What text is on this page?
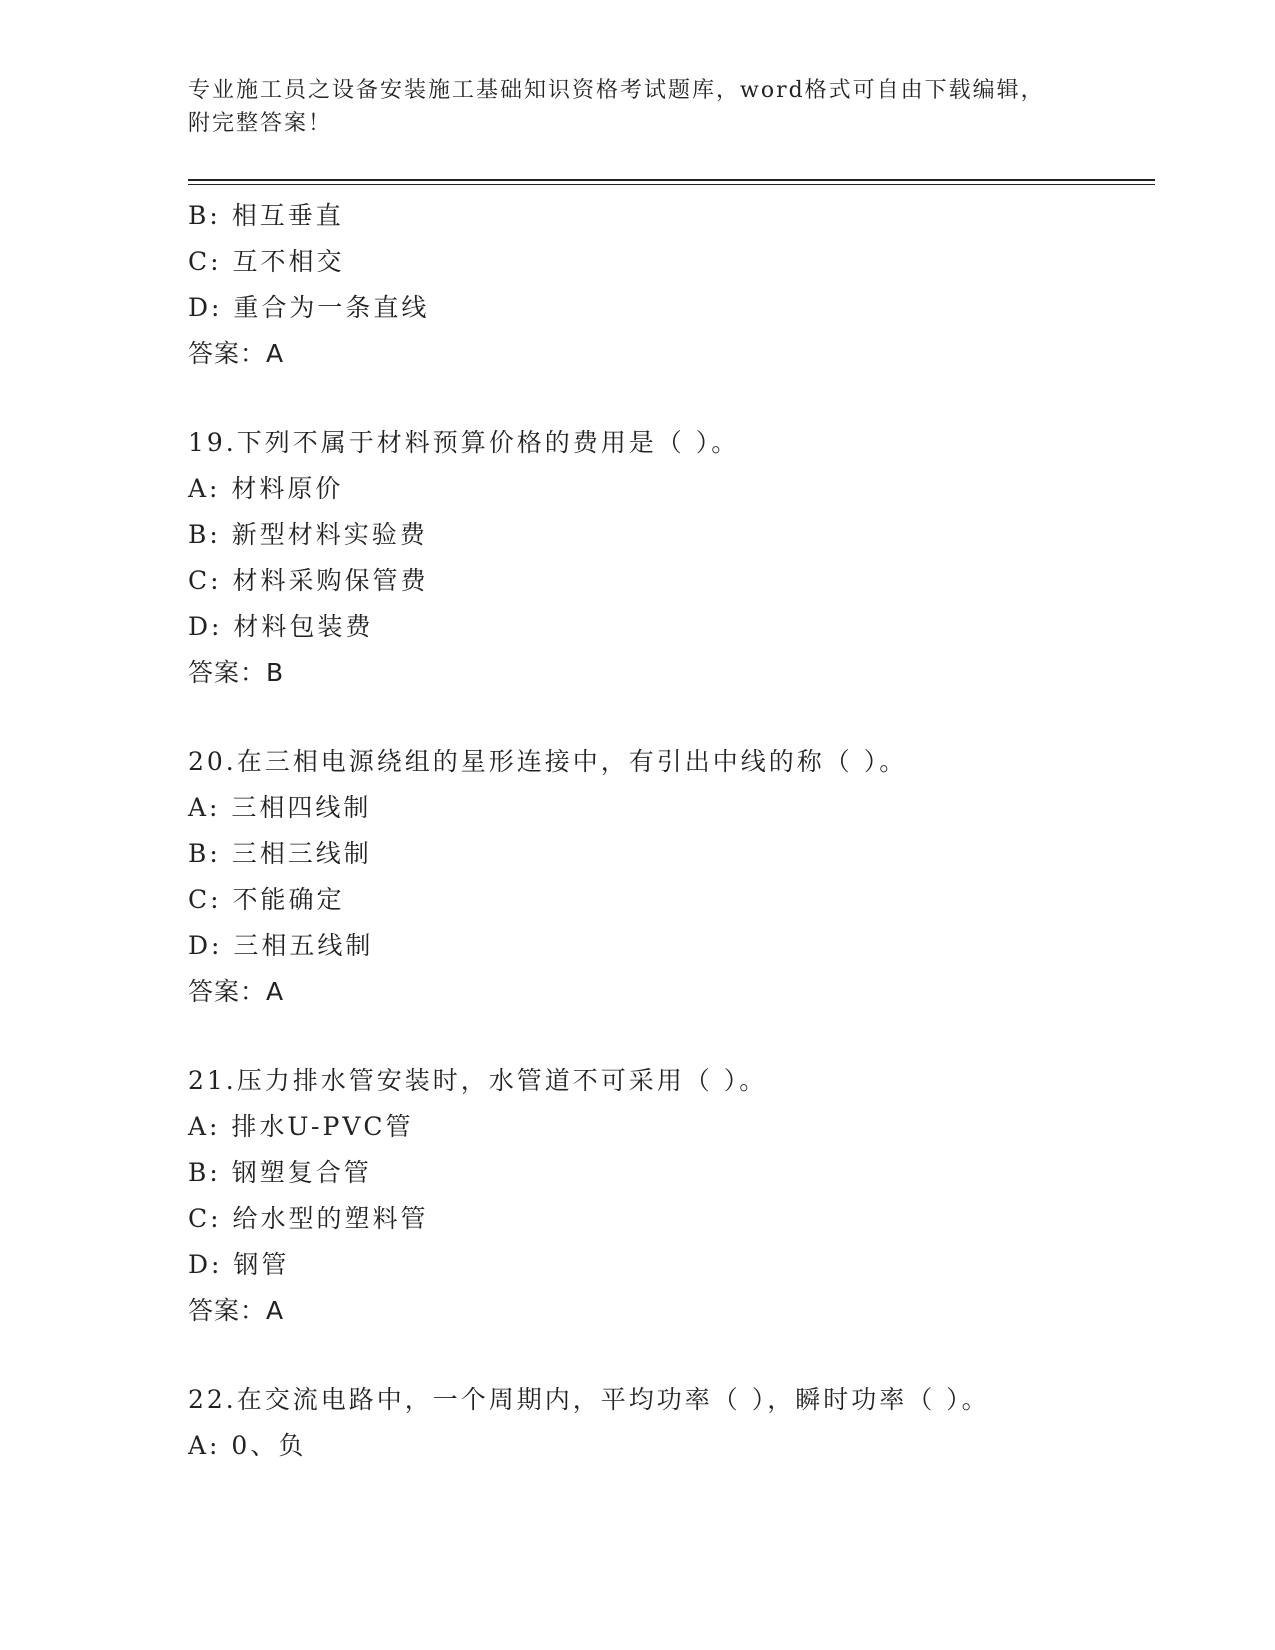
专业施工员之设备安装施工基础知识资格考试题库，word格式可自由下载编辑，
附完整答案！
B: 相互垂直
C: 互不相交
D: 重合为一条直线
答案：A
19.下列不属于材料预算价格的费用是（ ）。
A: 材料原价
B: 新型材料实验费
C: 材料采购保管费
D: 材料包装费
答案：B
20.在三相电源绕组的星形连接中，有引出中线的称（ ）。
A: 三相四线制
B: 三相三线制
C: 不能确定
D: 三相五线制
答案：A
21.压力排水管安装时，水管道不可采用（ ）。
A: 排水U-PVC管
B: 钢塑复合管
C: 给水型的塑料管
D: 钢管
答案：A
22.在交流电路中，一个周期内，平均功率（ ），瞬时功率（ ）。
A: 0、负
